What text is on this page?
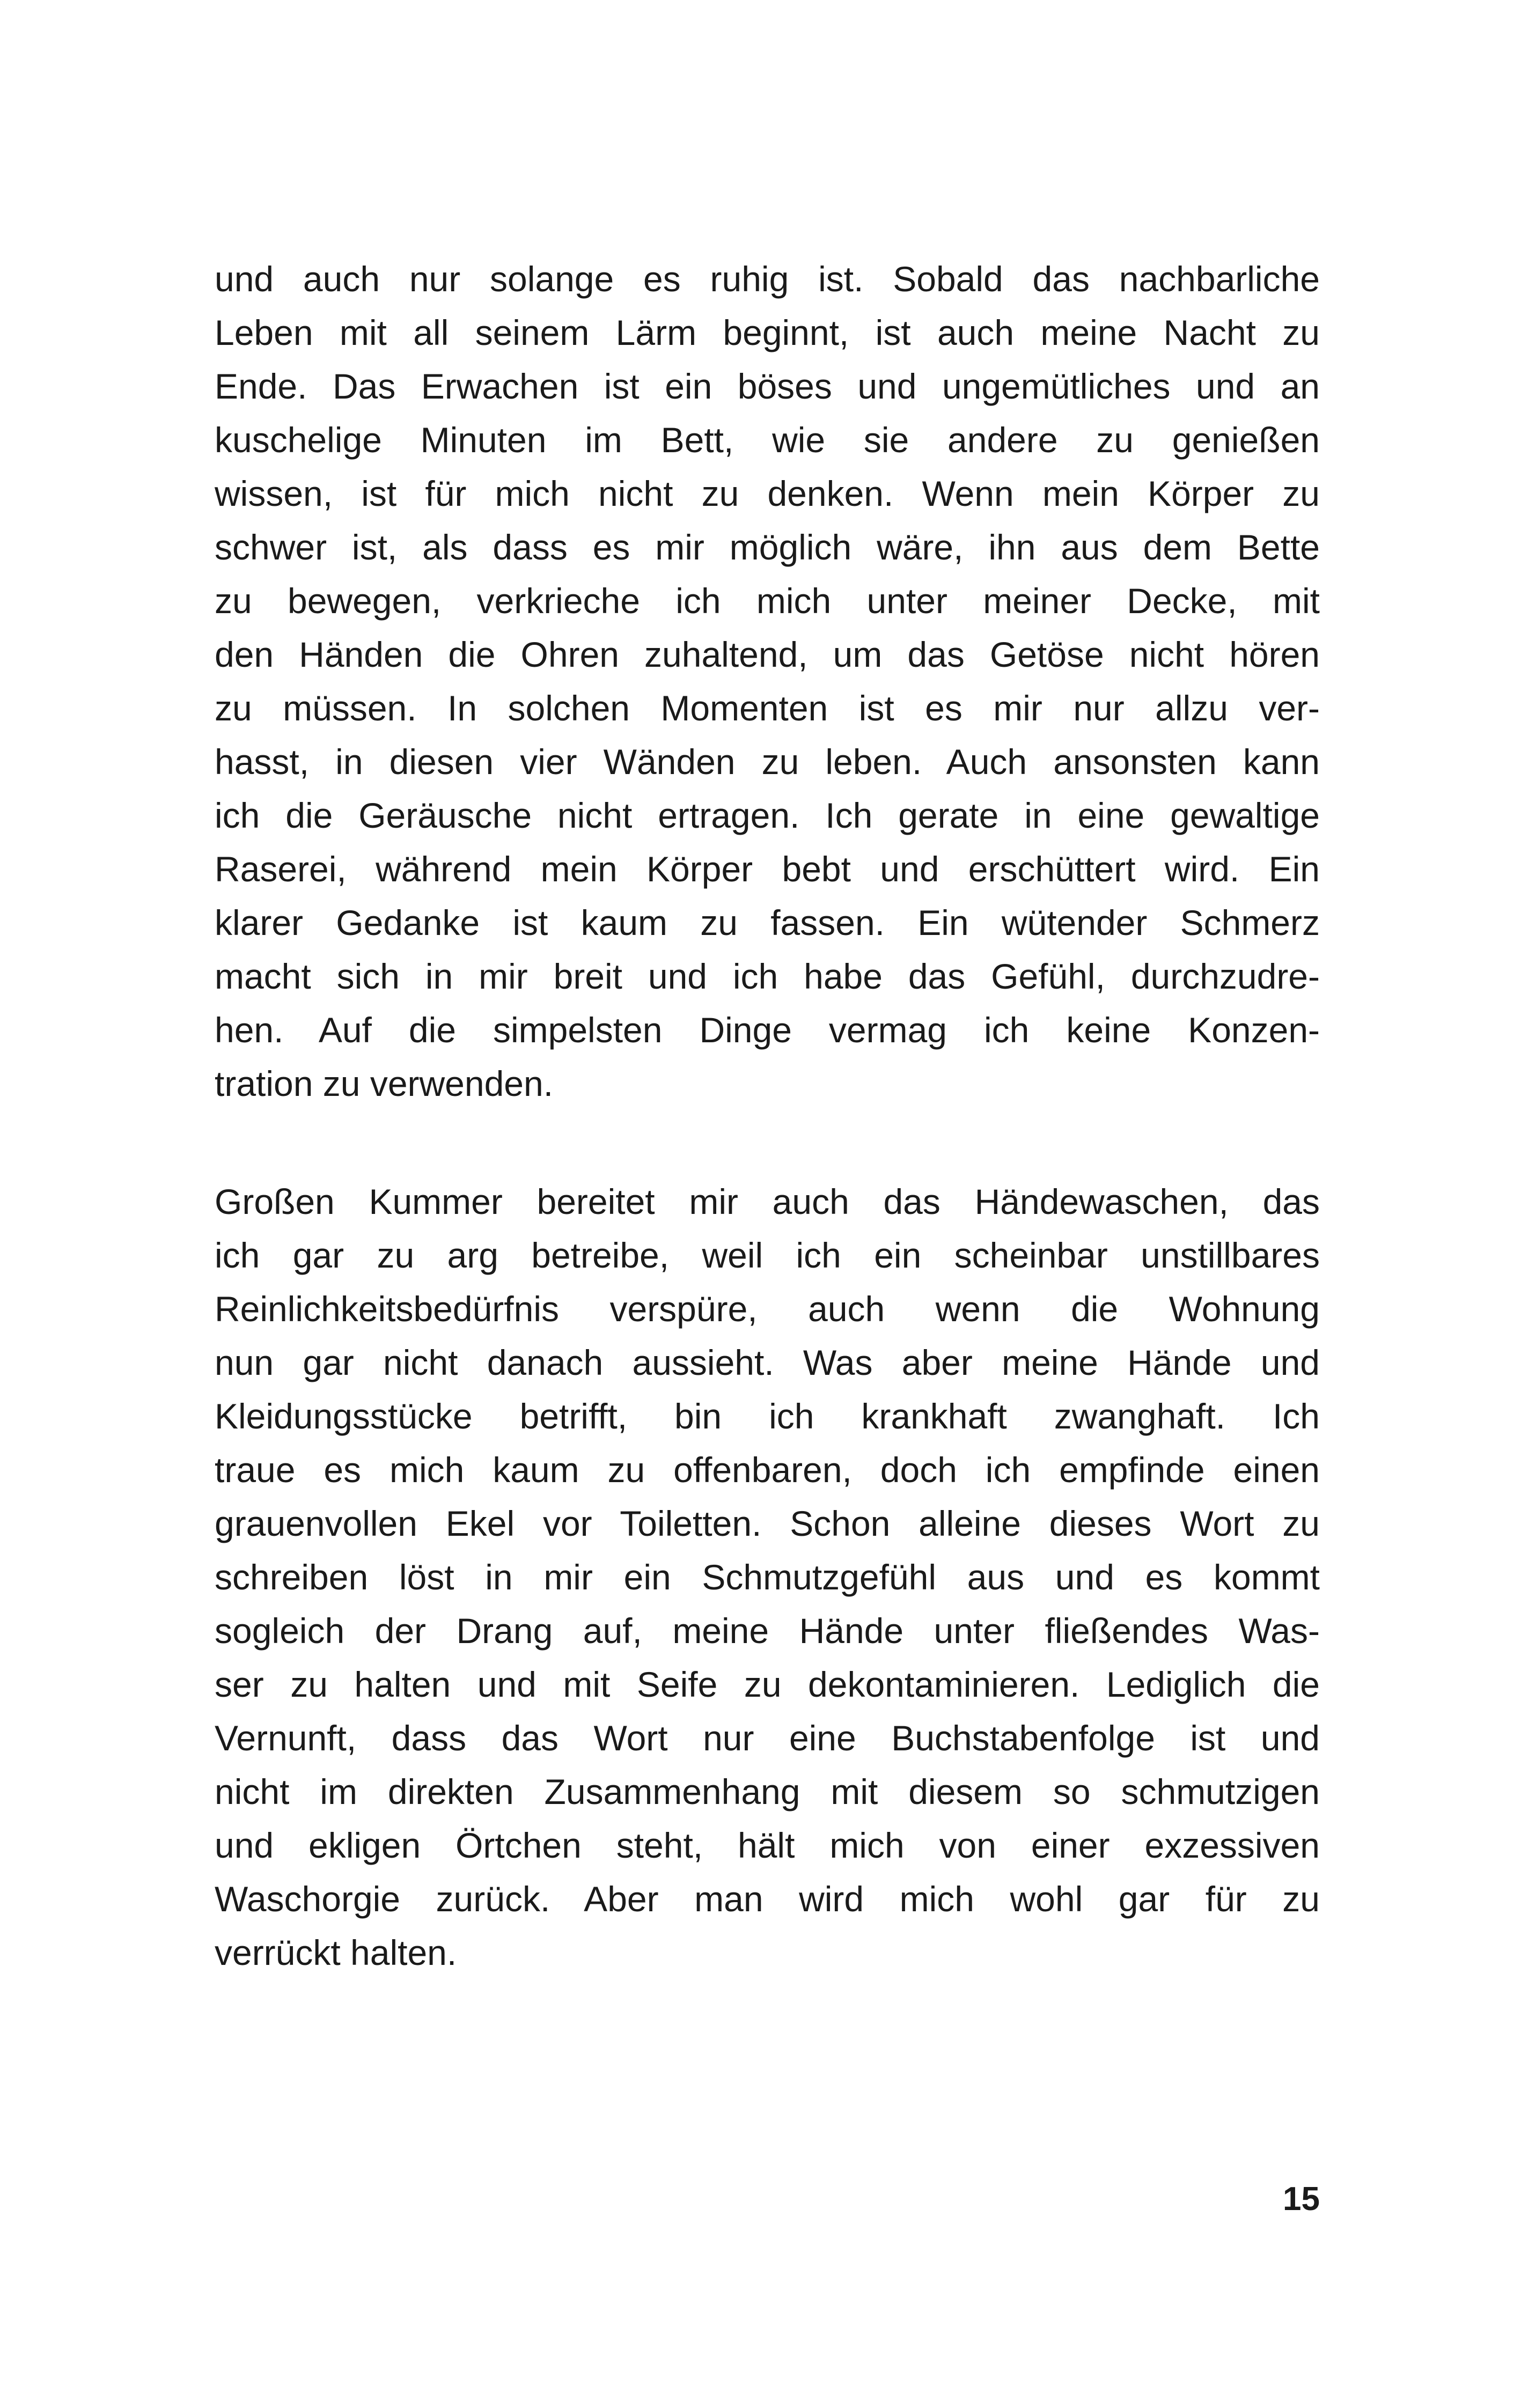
und auch nur solange es ruhig ist. Sobald das nachbarliche
Leben mit all seinem Lärm beginnt, ist auch meine Nacht zu
Ende. Das Erwachen ist ein böses und ungemütliches und an
kuschelige Minuten im Bett, wie sie andere zu genießen
wissen, ist für mich nicht zu denken. Wenn mein Körper zu
schwer ist, als dass es mir möglich wäre, ihn aus dem Bette
zu bewegen, verkrieche ich mich unter meiner Decke, mit
den Händen die Ohren zuhaltend, um das Getöse nicht hören
zu müssen. In solchen Momenten ist es mir nur allzu ver-
hasst, in diesen vier Wänden zu leben. Auch ansonsten kann
ich die Geräusche nicht ertragen. Ich gerate in eine gewaltige
Raserei, während mein Körper bebt und erschüttert wird. Ein
klarer Gedanke ist kaum zu fassen. Ein wütender Schmerz
macht sich in mir breit und ich habe das Gefühl, durchzudre-
hen. Auf die simpelsten Dinge vermag ich keine Konzen-
tration zu verwenden.
Großen Kummer bereitet mir auch das Händewaschen, das
ich gar zu arg betreibe, weil ich ein scheinbar unstillbares
Reinlichkeitsbedürfnis verspüre, auch wenn die Wohnung
nun gar nicht danach aussieht. Was aber meine Hände und
Kleidungsstücke betrifft, bin ich krankhaft zwanghaft. Ich
traue es mich kaum zu offenbaren, doch ich empfinde einen
grauenvollen Ekel vor Toiletten. Schon alleine dieses Wort zu
schreiben löst in mir ein Schmutzgefühl aus und es kommt
sogleich der Drang auf, meine Hände unter fließendes Was-
ser zu halten und mit Seife zu dekontaminieren. Lediglich die
Vernunft, dass das Wort nur eine Buchstabenfolge ist und
nicht im direkten Zusammenhang mit diesem so schmutzigen
und ekligen Örtchen steht, hält mich von einer exzessiven
Waschorgie zurück. Aber man wird mich wohl gar für zu
verrückt halten.
15
